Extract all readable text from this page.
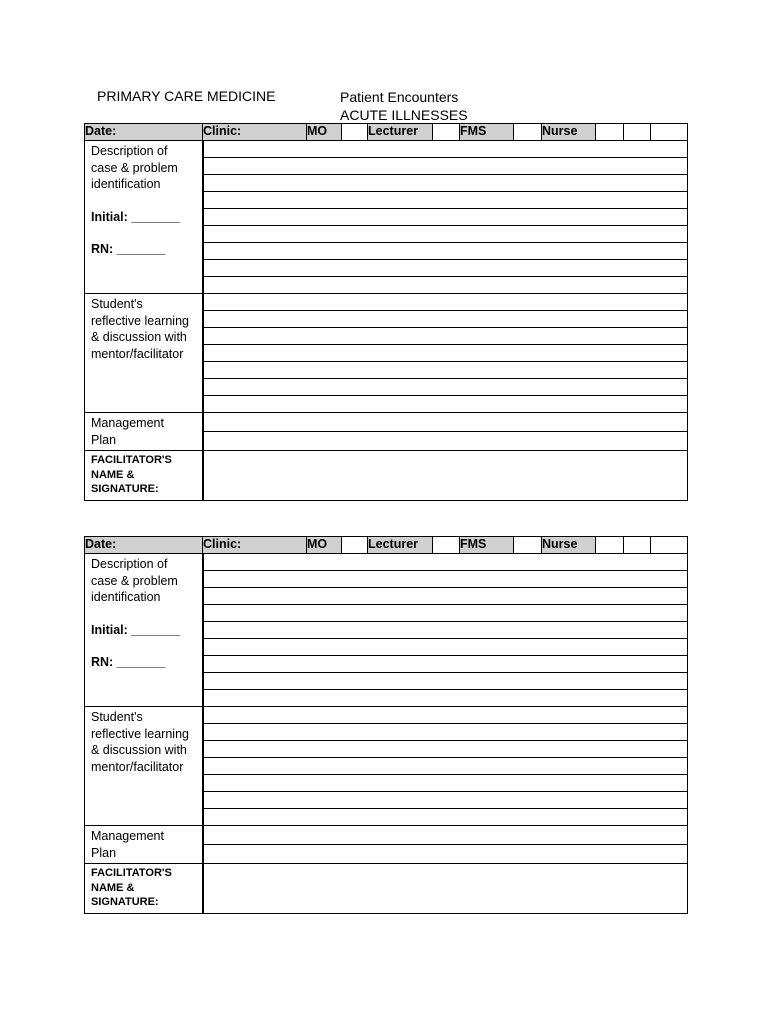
PRIMARY CARE MEDICINE	Patient Encounters
ACUTE ILLNESSES
Date:	Clinic:	MO		Lecturer		FMS		Nurse			

Description of
case & problem
identification
Initial: _______
RN: _______											

Student's
reflective learning
& discussion with
mentor/facilitator											

Management
Plan											

FACILITATOR'S
NAME &
SIGNATURE:											

Date:	Clinic:	MO		Lecturer		FMS		Nurse			

Description of
case & problem
identification
Initial: _______
RN: _______											

Student's
reflective learning
& discussion with
mentor/facilitator											

Management
Plan											

FACILITATOR'S
NAME &
SIGNATURE:											
